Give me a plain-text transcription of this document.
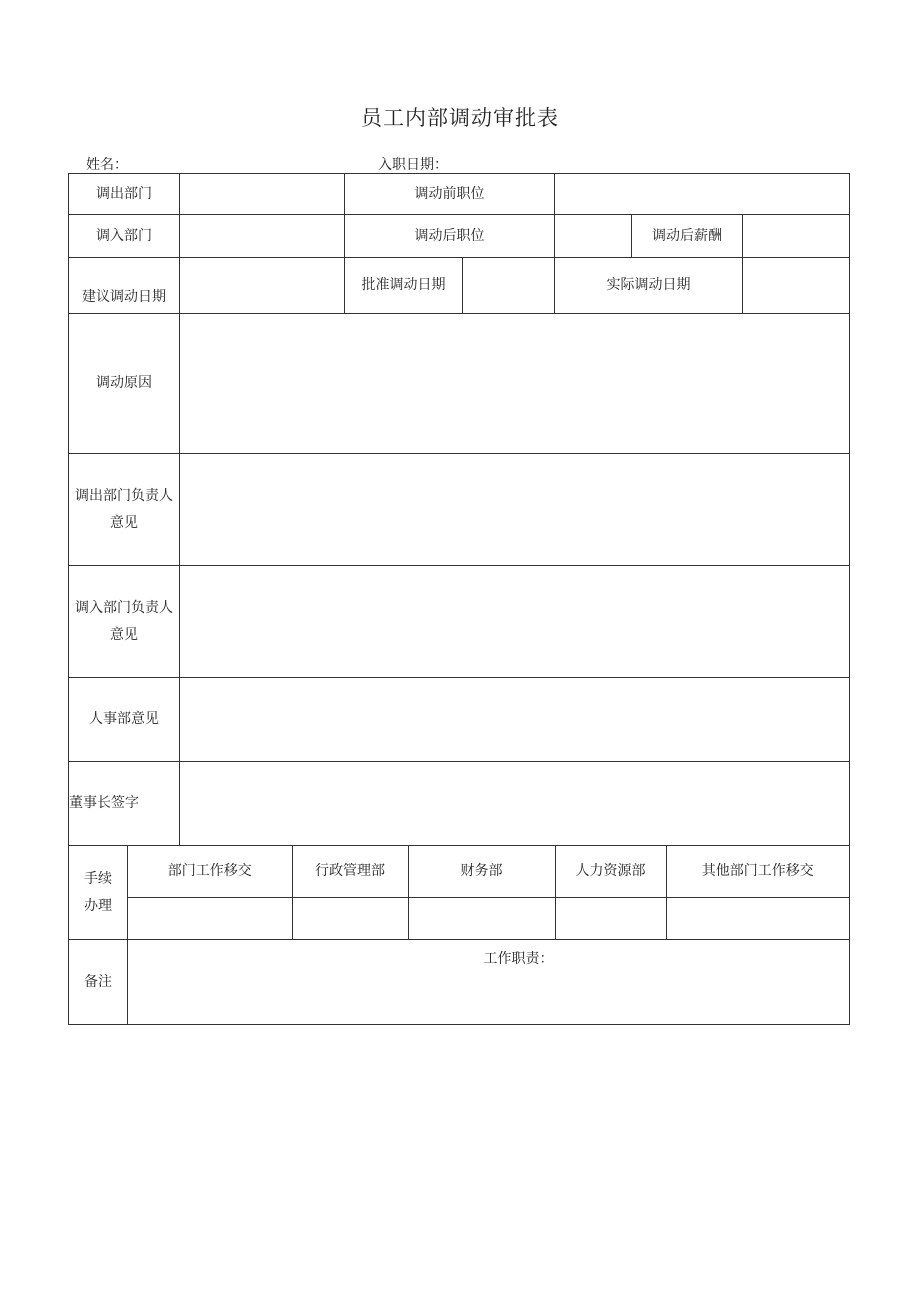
员工内部调动审批表
姓名：	入职日期：
调出部门		调动前职位	
调入部门		调动后职位		调动后薪酬	
建议调动日期		批准调动日期		实际调动日期	
调动原因	

调出部门负责人
意见

调入部门负责人
意见

人事部意见	
董事长签字	

手续
办理

部门工作移交	行政管理部	财务部	人力资源部	其他部门工作移交

备注	
工作职责：
